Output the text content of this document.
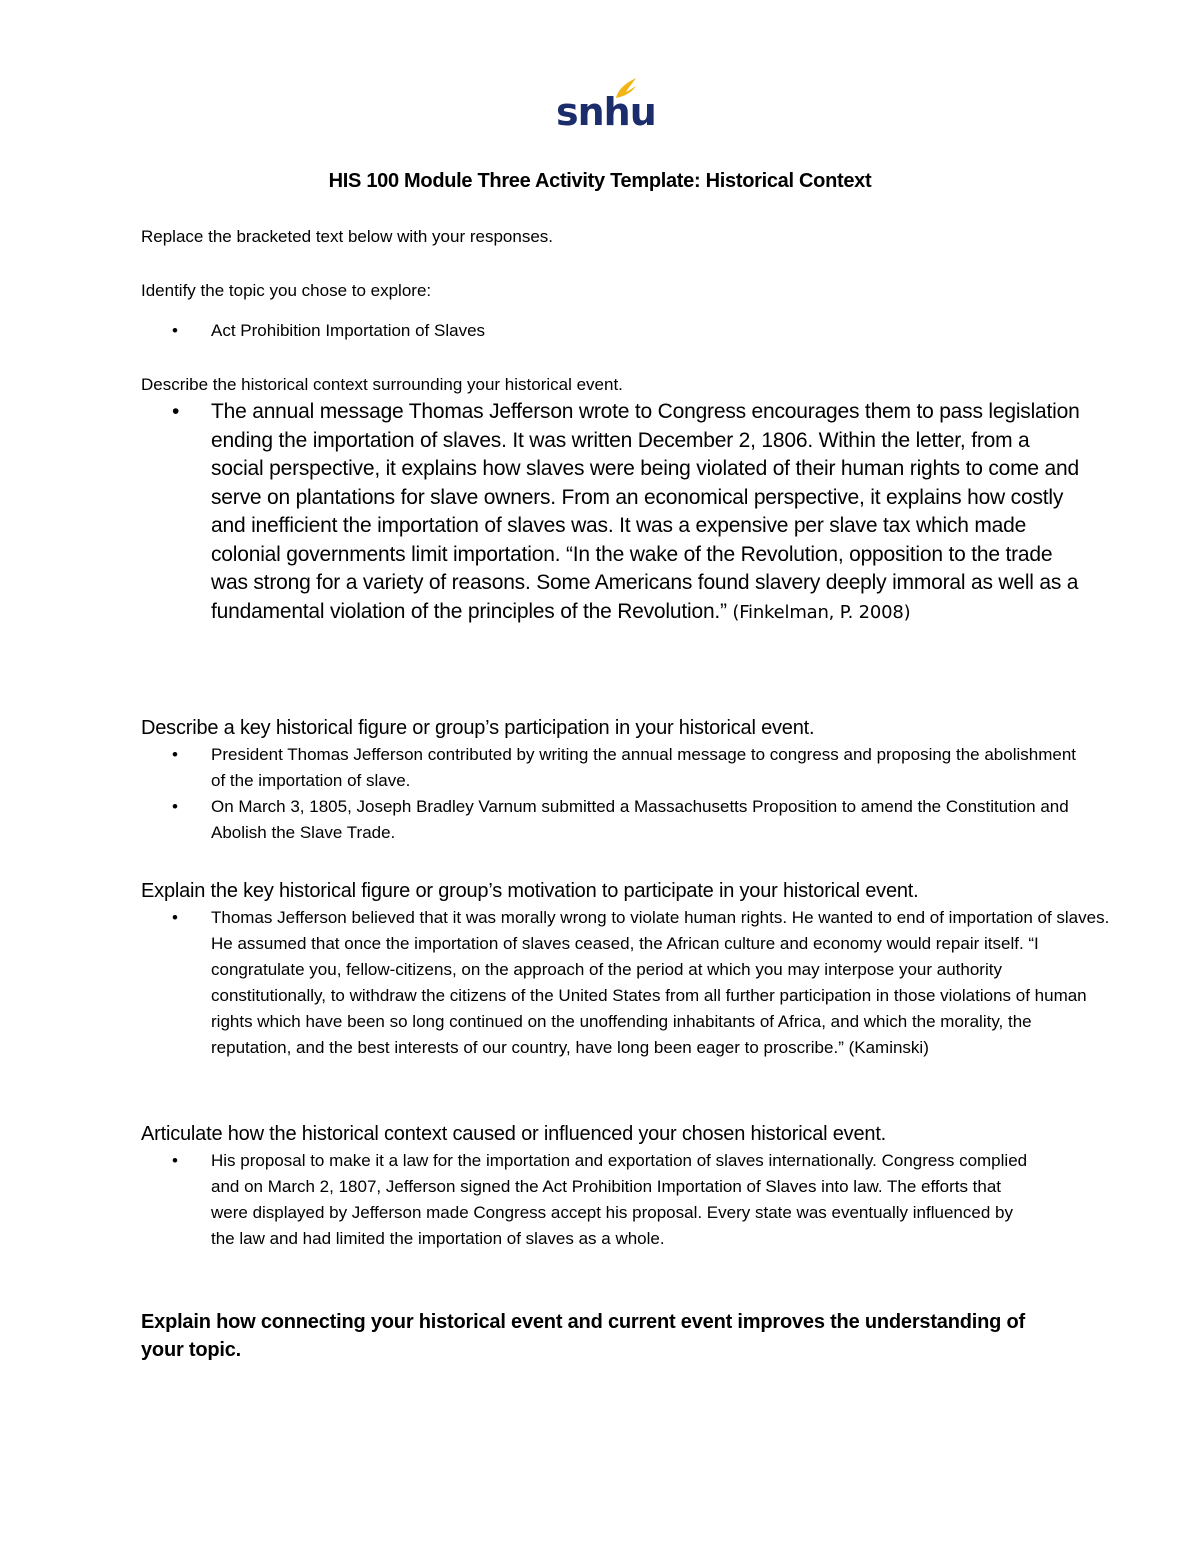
snhu
HIS 100 Module Three Activity Template: Historical Context
Replace the bracketed text below with your responses.
Identify the topic you chose to explore:
• Act Prohibition Importation of Slaves
Describe the historical context surrounding your historical event.
• The annual message Thomas Jefferson wrote to Congress encourages them to pass legislation ending the importation of slaves. It was written December 2, 1806. Within the letter, from a social perspective, it explains how slaves were being violated of their human rights to come and serve on plantations for slave owners. From an economical perspective, it explains how costly and inefficient the importation of slaves was. It was a expensive per slave tax which made colonial governments limit importation. “In the wake of the Revolution, opposition to the trade was strong for a variety of reasons. Some Americans found slavery deeply immoral as well as a fundamental violation of the principles of the Revolution.” (Finkelman, P. 2008)
Describe a key historical figure or group’s participation in your historical event.
• President Thomas Jefferson contributed by writing the annual message to congress and proposing the abolishment of the importation of slave.
• On March 3, 1805, Joseph Bradley Varnum submitted a Massachusetts Proposition to amend the Constitution and Abolish the Slave Trade.
Explain the key historical figure or group’s motivation to participate in your historical event.
• Thomas Jefferson believed that it was morally wrong to violate human rights. He wanted to end of importation of slaves. He assumed that once the importation of slaves ceased, the African culture and economy would repair itself. “I congratulate you, fellow-citizens, on the approach of the period at which you may interpose your authority constitutionally, to withdraw the citizens of the United States from all further participation in those violations of human rights which have been so long continued on the unoffending inhabitants of Africa, and which the morality, the reputation, and the best interests of our country, have long been eager to proscribe.” (Kaminski)
Articulate how the historical context caused or influenced your chosen historical event.
• His proposal to make it a law for the importation and exportation of slaves internationally. Congress complied and on March 2, 1807, Jefferson signed the Act Prohibition Importation of Slaves into law. The efforts that were displayed by Jefferson made Congress accept his proposal. Every state was eventually influenced by the law and had limited the importation of slaves as a whole.
Explain how connecting your historical event and current event improves the understanding of your topic.
